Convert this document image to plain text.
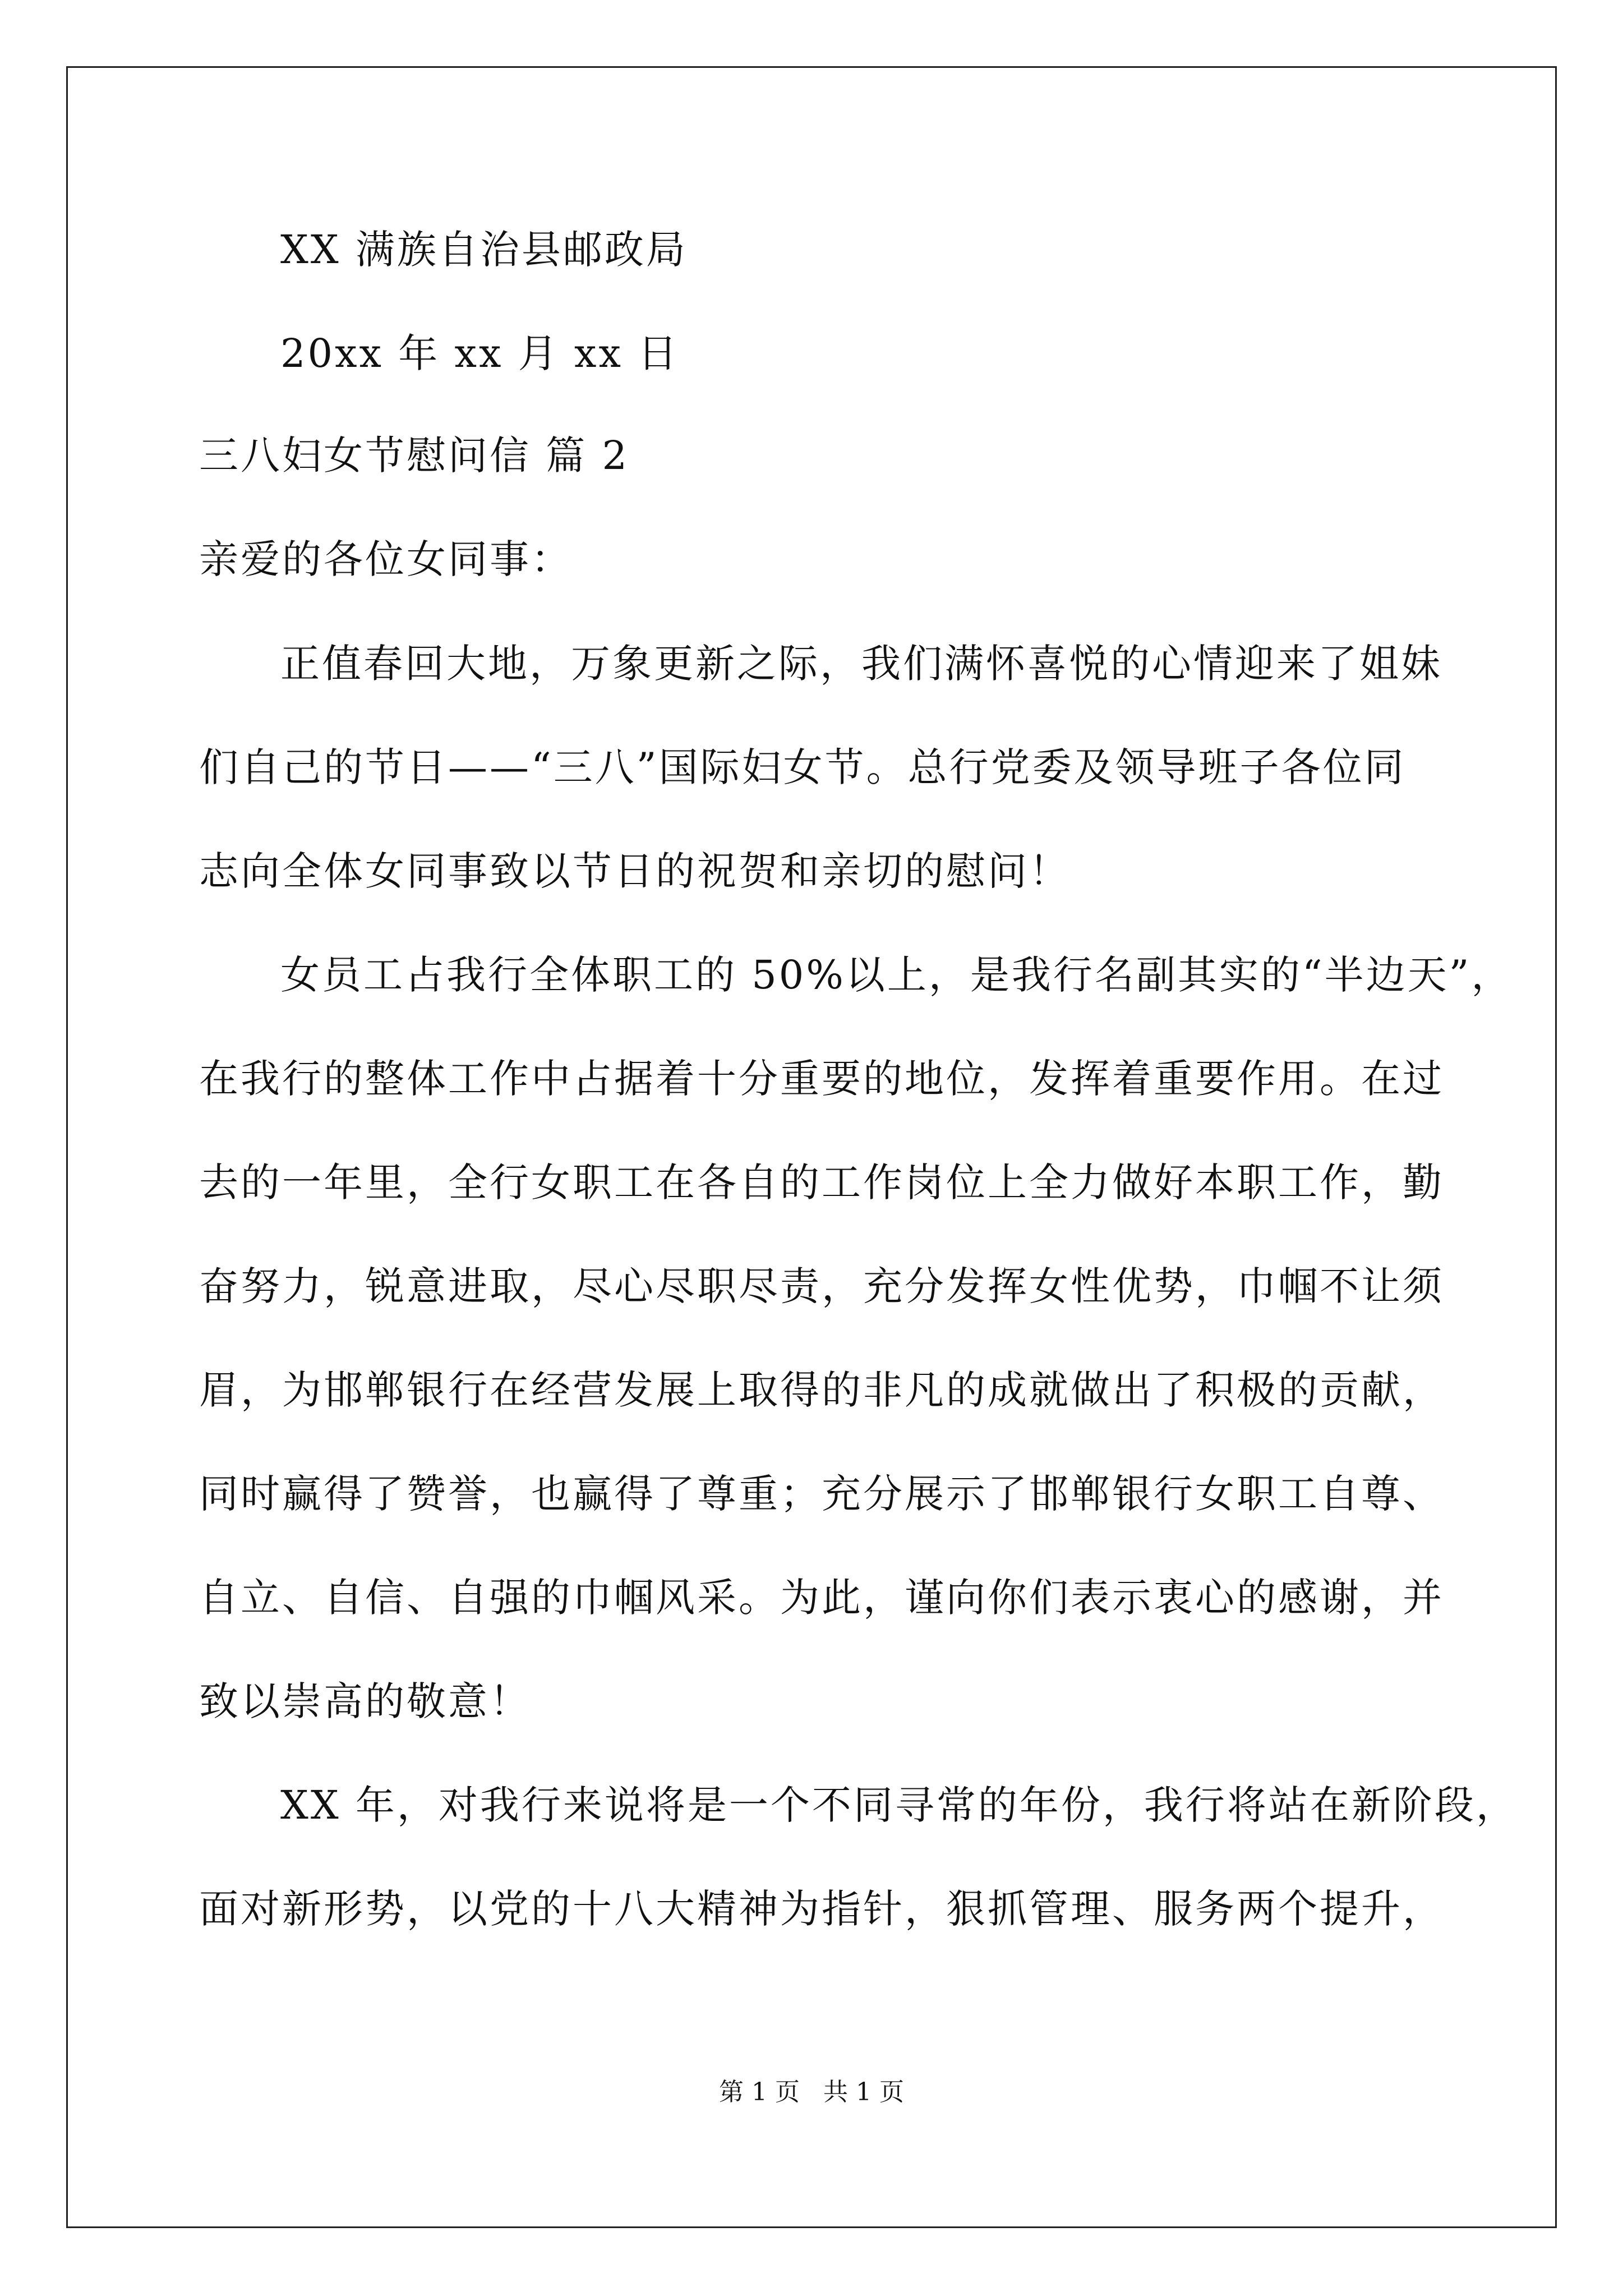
XX 满族自治县邮政局
20xx 年 xx 月 xx 日
三八妇女节慰问信 篇 2
亲爱的各位女同事：
正值春回大地，万象更新之际，我们满怀喜悦的心情迎来了姐妹
们自己的节日——“三八”国际妇女节。总行党委及领导班子各位同
志向全体女同事致以节日的祝贺和亲切的慰问！
女员工占我行全体职工的 50%以上，是我行名副其实的“半边天”，
在我行的整体工作中占据着十分重要的地位，发挥着重要作用。在过
去的一年里，全行女职工在各自的工作岗位上全力做好本职工作，勤
奋努力，锐意进取，尽心尽职尽责，充分发挥女性优势，巾帼不让须
眉，为邯郸银行在经营发展上取得的非凡的成就做出了积极的贡献，
同时赢得了赞誉，也赢得了尊重；充分展示了邯郸银行女职工自尊、
自立、自信、自强的巾帼风采。为此，谨向你们表示衷心的感谢，并
致以崇高的敬意！
XX 年，对我行来说将是一个不同寻常的年份，我行将站在新阶段，
面对新形势，以党的十八大精神为指针，狠抓管理、服务两个提升，
第 1 页 共 1 页
